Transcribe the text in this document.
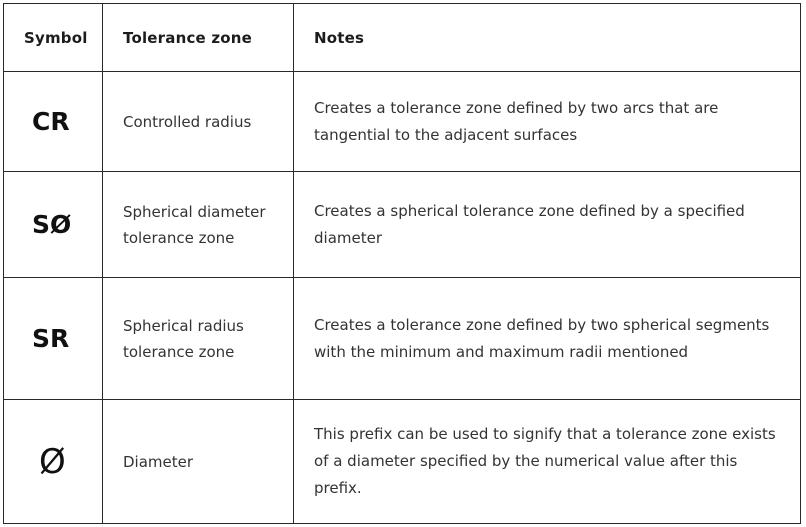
Symbol	Tolerance zone	Notes
CR	Controlled radius	Creates a tolerance zone defined by two arcs that are tangential to the adjacent surfaces
SØ	Spherical diameter tolerance zone	Creates a spherical tolerance zone defined by a specified diameter
SR	Spherical radius tolerance zone	Creates a tolerance zone defined by two spherical segments with the minimum and maximum radii mentioned
Ø	Diameter	This prefix can be used to signify that a tolerance zone exists of a diameter specified by the numerical value after this prefix.
